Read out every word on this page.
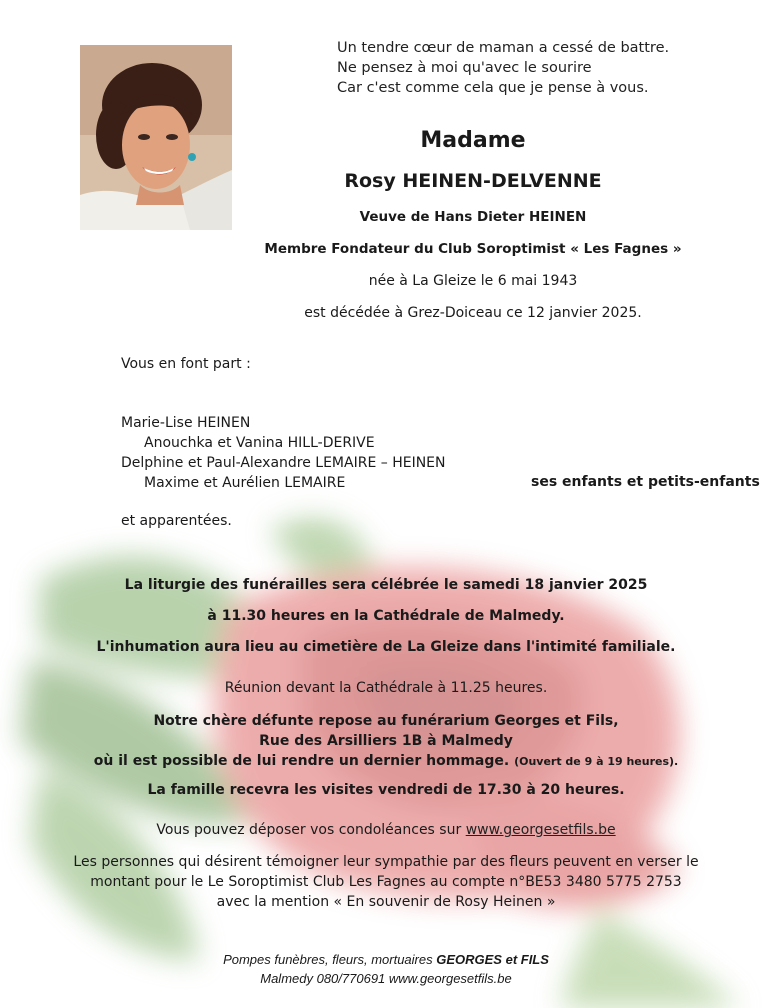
Un tendre cœur de maman a cessé de battre.
Ne pensez à moi qu'avec le sourire
Car c'est comme cela que je pense à vous.
Madame
Rosy HEINEN-DELVENNE
Veuve de Hans Dieter HEINEN
Membre Fondateur du Club Soroptimist « Les Fagnes »
née à La Gleize le 6 mai 1943
est décédée à Grez-Doiceau ce 12 janvier 2025.
Vous en font part :
Marie-Lise HEINEN
Anouchka et Vanina HILL-DERIVE
Delphine et Paul-Alexandre LEMAIRE – HEINEN
Maxime et Aurélien LEMAIRE	ses enfants et petits-enfants
et apparentées.
La liturgie des funérailles sera célébrée le samedi 18 janvier 2025
à 11.30 heures en la Cathédrale de Malmedy.
L'inhumation aura lieu au cimetière de La Gleize dans l'intimité familiale.
Réunion devant la Cathédrale à 11.25 heures.
Notre chère défunte repose au funérarium Georges et Fils,
Rue des Arsilliers 1B à Malmedy
où il est possible de lui rendre un dernier hommage. (Ouvert de 9 à 19 heures).
La famille recevra les visites vendredi de 17.30 à 20 heures.
Vous pouvez déposer vos condoléances sur www.georgesetfils.be
Les personnes qui désirent témoigner leur sympathie par des fleurs peuvent en verser le
montant pour le Le Soroptimist Club Les Fagnes au compte n°BE53 3480 5775 2753
avec la mention « En souvenir de Rosy Heinen »
Pompes funèbres, fleurs, mortuaires GEORGES et FILS
Malmedy 080/770691 www.georgesetfils.be
